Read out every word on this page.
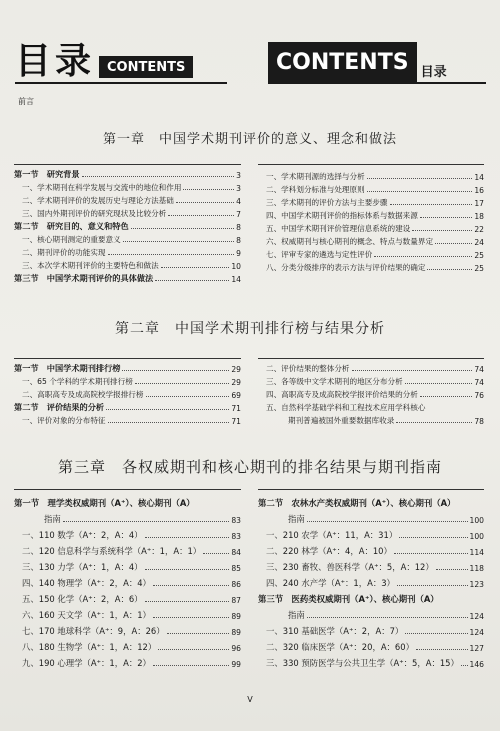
目录 CONTENTS	CONTENTS 目录
前言
第一章　中国学术期刊评价的意义、理念和做法
第一节　研究背景	3
一、学术期刊在科学发展与交流中的地位和作用	3
二、学术期刊评价的发展历史与理论方法基础	4
三、国内外期刊评价的研究现状及比较分析	7
第二节　研究目的、意义和特色	8
一、核心期刊测定的重要意义	8
二、期刊评价的功能实现	9
三、本次学术期刊评价的主要特色和做法	10
第三节　中国学术期刊评价的具体做法	14
一、学术期刊源的选择与分析	14
二、学科划分标准与处理原则	16
三、学术期刊的评价方法与主要步骤	17
四、中国学术期刊评价的指标体系与数据来源	18
五、中国学术期刊评价管理信息系统的建设	22
六、权威期刊与核心期刊的概念、特点与数量界定	24
七、评审专家的遴选与定性评价	25
八、分类分级排序的表示方法与评价结果的确定	25
第二章　中国学术期刊排行榜与结果分析
第一节　中国学术期刊排行榜	29
一、65 个学科的学术期刊排行榜	29
二、高职高专及成高院校学报排行榜	69
第二节　评价结果的分析	71
一、评价对象的分布特征	71
二、评价结果的整体分析	74
三、各等级中文学术期刊的地区分布分析	74
四、高职高专及成高院校学报评价结果的分析	76
五、自然科学基础学科和工程技术应用学科核心
期刊普遍被国外重要数据库收录	78
第三章　各权威期刊和核心期刊的排名结果与期刊指南
第一节　理学类权威期刊（A⁺）、核心期刊（A）
指南	83
一、110 数学（A⁺：2，A：4）	83
二、120 信息科学与系统科学（A⁺：1，A：1）	84
三、130 力学（A⁺：1，A：4）	85
四、140 物理学（A⁺：2，A：4）	86
五、150 化学（A⁺：2，A：6）	87
六、160 天文学（A⁺：1，A：1）	89
七、170 地球科学（A⁺：9，A：26）	89
八、180 生物学（A⁺：1，A：12）	96
九、190 心理学（A⁺：1，A：2）	99
第二节　农林水产类权威期刊（A⁺）、核心期刊（A）
指南	100
一、210 农学（A⁺：11，A：31）	100
二、220 林学（A⁺：4，A：10）	114
三、230 畜牧、兽医科学（A⁺：5，A：12）	118
四、240 水产学（A⁺：1，A：3）	123
第三节　医药类权威期刊（A⁺）、核心期刊（A）
指南	124
一、310 基础医学（A⁺：2，A：7）	124
二、320 临床医学（A⁺：20，A：60）	127
三、330 预防医学与公共卫生学（A⁺：5，A：15） 146
V
